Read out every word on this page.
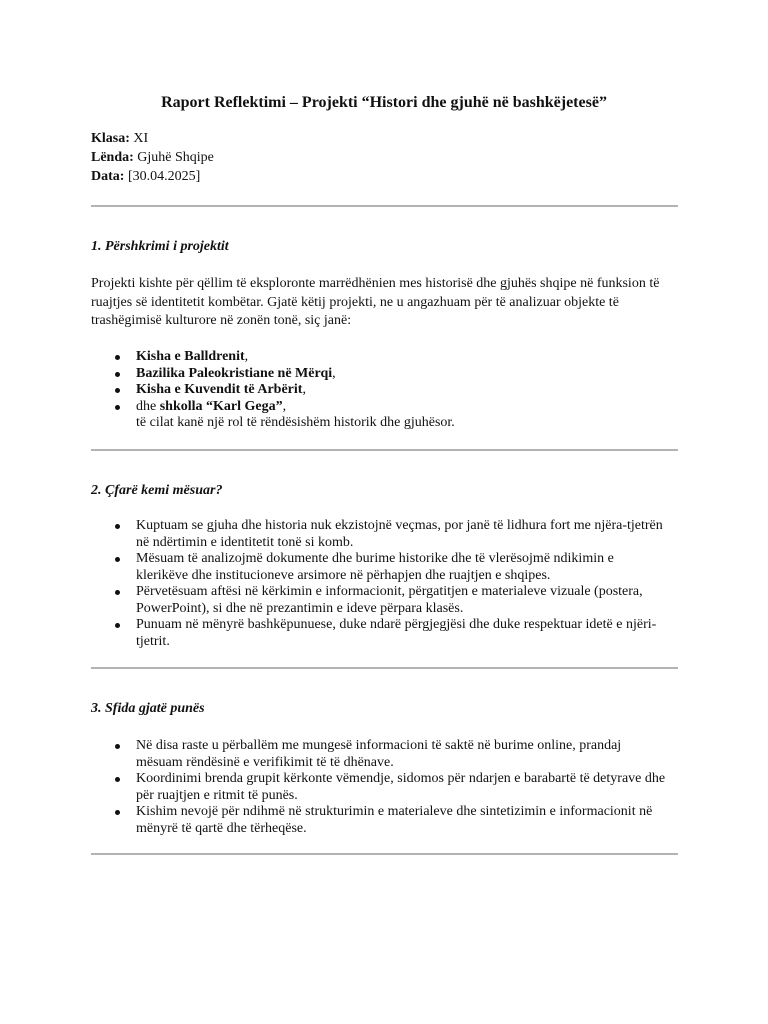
Raport Reflektimi – Projekti “Histori dhe gjuhë në bashkëjetesë”
Klasa: XI
Lënda: Gjuhë Shqipe
Data: [30.04.2025]
1. Përshkrimi i projektit
Projekti kishte për qëllim të eksploronte marrëdhënien mes historisë dhe gjuhës shqipe në funksion të ruajtjes së identitetit kombëtar. Gjatë këtij projekti, ne u angazhuam për të analizuar objekte të trashëgimisë kulturore në zonën tonë, siç janë:
Kisha e Balldrenit,
Bazilika Paleokristiane në Mërqi,
Kisha e Kuvendit të Arbërit,
dhe shkolla “Karl Gega”,
të cilat kanë një rol të rëndësishëm historik dhe gjuhësor.
2. Çfarë kemi mësuar?
Kuptuam se gjuha dhe historia nuk ekzistojnë veçmas, por janë të lidhura fort me njëra-tjetrën në ndërtimin e identitetit tonë si komb.
Mësuam të analizojmë dokumente dhe burime historike dhe të vlerësojmë ndikimin e klerikëve dhe institucioneve arsimore në përhapjen dhe ruajtjen e shqipes.
Përvetësuam aftësi në kërkimin e informacionit, përgatitjen e materialeve vizuale (postera, PowerPoint), si dhe në prezantimin e ideve përpara klasës.
Punuam në mënyrë bashkëpunuese, duke ndarë përgjegjësi dhe duke respektuar idetë e njëri-tjetrit.
3. Sfida gjatë punës
Në disa raste u përballëm me mungesë informacioni të saktë në burime online, prandaj mësuam rëndësinë e verifikimit të të dhënave.
Koordinimi brenda grupit kërkonte vëmendje, sidomos për ndarjen e barabartë të detyrave dhe për ruajtjen e ritmit të punës.
Kishim nevojë për ndihmë në strukturimin e materialeve dhe sintetizimin e informacionit në mënyrë të qartë dhe tërheqëse.
